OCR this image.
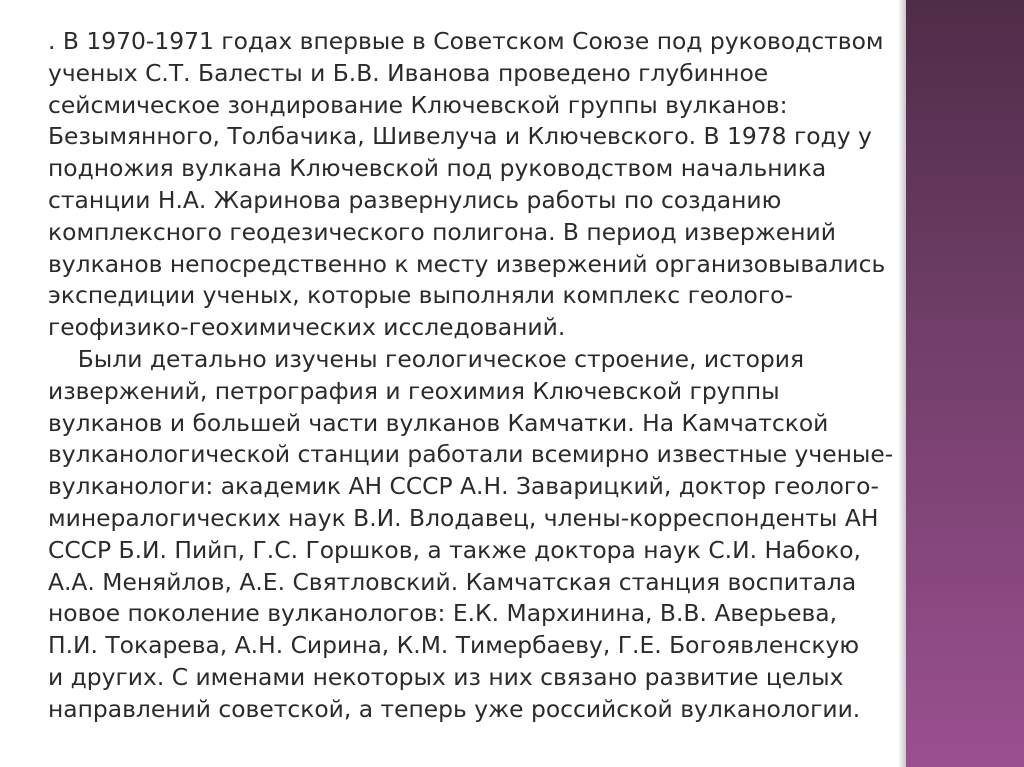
. В 1970-1971 годах впервые в Советском Союзе под руководством
ученых С.Т. Балесты и Б.В. Иванова проведено глубинное
сейсмическое зондирование Ключевской группы вулканов:
Безымянного, Толбачика, Шивелуча и Ключевского. В 1978 году у
подножия вулкана Ключевской под руководством начальника
станции Н.А. Жаринова развернулись работы по созданию
комплексного геодезического полигона. В период извержений
вулканов непосредственно к месту извержений организовывались
экспедиции ученых, которые выполняли комплекс геолого-
геофизико-геохимических исследований.
Были детально изучены геологическое строение, история
извержений, петрография и геохимия Ключевской группы
вулканов и большей части вулканов Камчатки. На Камчатской
вулканологической станции работали всемирно известные ученые-
вулканологи: академик АН СССР А.Н. Заварицкий, доктор геолого-
минералогических наук В.И. Влодавец, члены-корреспонденты АН
СССР Б.И. Пийп, Г.С. Горшков, а также доктора наук С.И. Набоко,
А.А. Меняйлов, А.Е. Святловский. Камчатская станция воспитала
новое поколение вулканологов: Е.К. Мархинина, В.В. Аверьева,
П.И. Токарева, А.Н. Сирина, К.М. Тимербаеву, Г.Е. Богоявленскую
и других. С именами некоторых из них связано развитие целых
направлений советской, а теперь уже российской вулканологии.
